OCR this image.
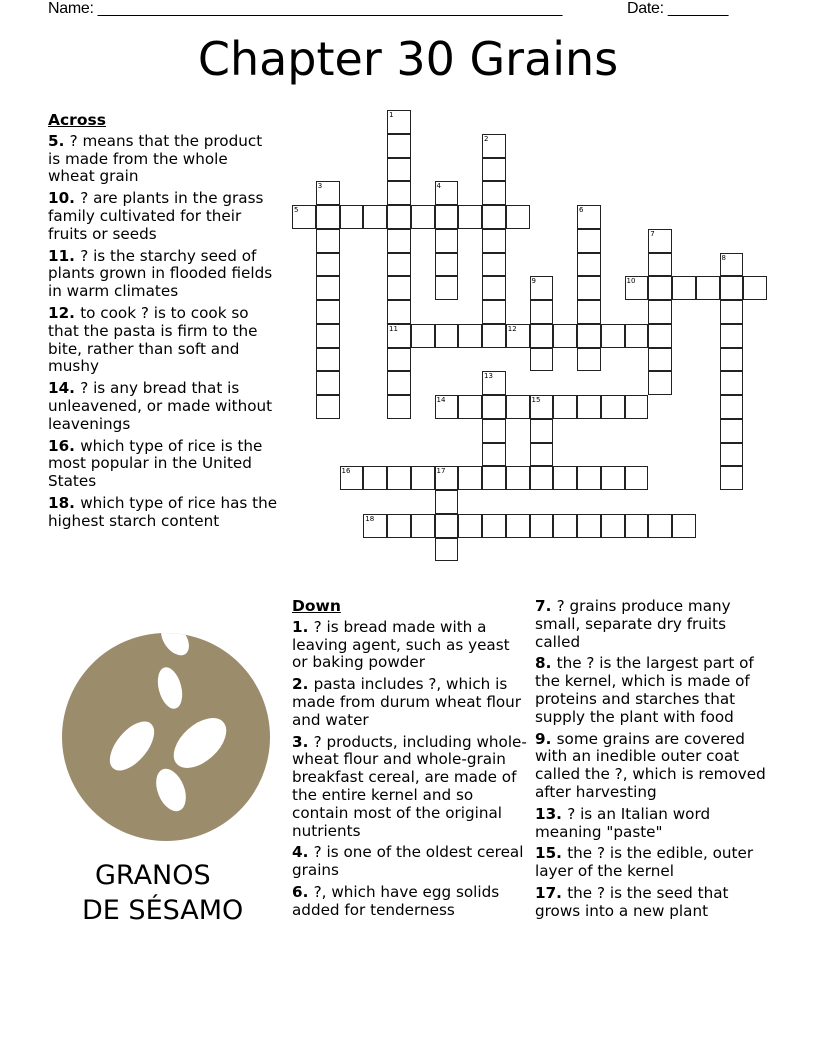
Name: ______________________________________________________	Date: _______
Chapter 30 Grains
Across
5. ? means that the product is made from the whole wheat grain
10. ? are plants in the grass family cultivated for their fruits or seeds
11. ? is the starchy seed of plants grown in flooded fields in warm climates
12. to cook ? is to cook so that the pasta is firm to the bite, rather than soft and mushy
14. ? is any bread that is unleavened, or made without leavenings
16. which type of rice is the most popular in the United States
18. which type of rice has the highest starch content
Down
1. ? is bread made with a leaving agent, such as yeast or baking powder
2. pasta includes ?, which is made from durum wheat flour and water
3. ? products, including whole-wheat flour and whole-grain breakfast cereal, are made of the entire kernel and so contain most of the original nutrients
4. ? is one of the oldest cereal grains
6. ?, which have egg solids added for tenderness
7. ? grains produce many small, separate dry fruits called
8. the ? is the largest part of the kernel, which is made of proteins and starches that supply the plant with food
9. some grains are covered with an inedible outer coat called the ?, which is removed after harvesting
13. ? is an Italian word meaning "paste"
15. the ? is the edible, outer layer of the kernel
17. the ? is the seed that grows into a new plant
1
11
2
3	4
5	6
7
8
9	10
12
13
14	15
16	17
18
GRANOS
DE SÉSAMO
